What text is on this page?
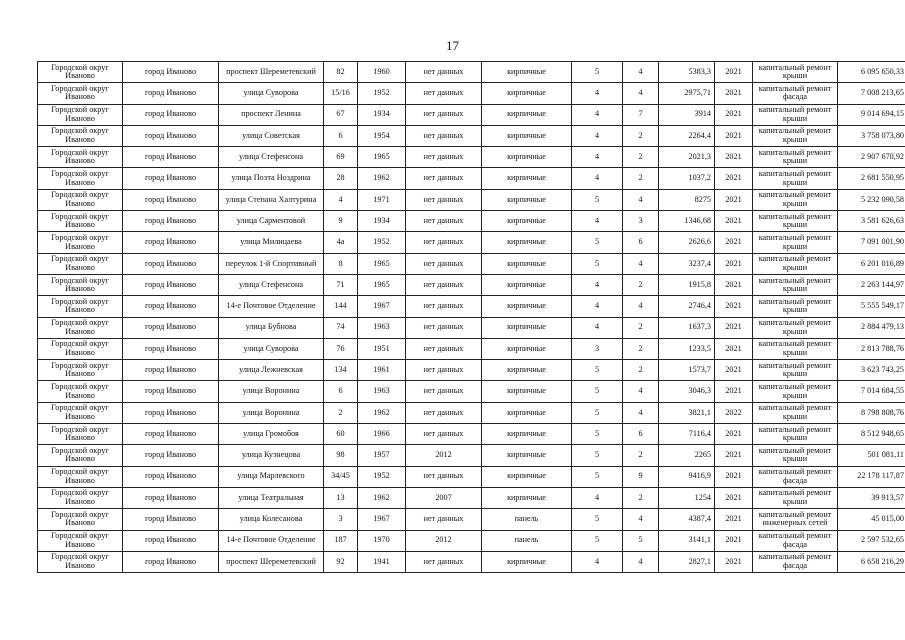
17
Городской округ Иваново	город Иваново	проспект Шереметевский	82	1960	нет данных	кирпичные	5	4	5383,3	2021	капитальный ремонт крыши	6 095 650,33
Городской округ Иваново	город Иваново	улица Суворова	15/16	1952	нет данных	кирпичные	4	4	2975,71	2021	капитальный ремонт фасада	7 008 213,65
Городской округ Иваново	город Иваново	проспект Ленина	67	1934	нет данных	кирпичные	4	7	3914	2021	капитальный ремонт крыши	9 014 694,15
Городской округ Иваново	город Иваново	улица Советская	6	1954	нет данных	кирпичные	4	2	2264,4	2021	капитальный ремонт крыши	3 758 073,80
Городской округ Иваново	город Иваново	улица Стефенсона	69	1965	нет данных	кирпичные	4	2	2021,3	2021	капитальный ремонт крыши	2 907 670,92
Городской округ Иваново	город Иваново	улица Поэта Ноздрина	28	1962	нет данных	кирпичные	4	2	1037,2	2021	капитальный ремонт крыши	2 681 550,95
Городской округ Иваново	город Иваново	улица Степана Халтурина	4	1971	нет данных	кирпичные	5	4	8275	2021	капитальный ремонт крыши	5 232 090,58
Городской округ Иваново	город Иваново	улица Сарментовой	9	1934	нет данных	кирпичные	4	3	1346,68	2021	капитальный ремонт крыши	3 581 626,63
Городской округ Иваново	город Иваново	улица Милицаева	4а	1952	нет данных	кирпичные	5	6	2626,6	2021	капитальный ремонт крыши	7 091 001,90
Городской округ Иваново	город Иваново	переулок 1-й Спортивный	8	1965	нет данных	кирпичные	5	4	3237,4	2021	капитальный ремонт крыши	6 201 016,89
Городской округ Иваново	город Иваново	улица Стефенсона	71	1965	нет данных	кирпичные	4	2	1915,8	2021	капитальный ремонт крыши	2 263 144,97
Городской округ Иваново	город Иваново	14-е Почтовое Отделение	144	1967	нет данных	кирпичные	4	4	2746,4	2021	капитальный ремонт крыши	5 555 549,17
Городской округ Иваново	город Иваново	улица Бубнова	74	1963	нет данных	кирпичные	4	2	1637,3	2021	капитальный ремонт крыши	2 884 479,13
Городской округ Иваново	город Иваново	улица Суворова	76	1951	нет данных	кирпичные	3	2	1233,5	2021	капитальный ремонт крыши	2 813 788,76
Городской округ Иваново	город Иваново	улица Лежневская	134	1961	нет данных	кирпичные	5	2	1573,7	2021	капитальный ремонт крыши	3 623 743,25
Городской округ Иваново	город Иваново	улица Воронина	6	1963	нет данных	кирпичные	5	4	3046,3	2021	капитальный ремонт крыши	7 014 684,55
Городской округ Иваново	город Иваново	улица Воронина	2	1962	нет данных	кирпичные	5	4	3821,1	2022	капитальный ремонт крыши	8 798 808,76
Городской округ Иваново	город Иваново	улица Громобоя	60	1966	нет данных	кирпичные	5	6	7116,4	2021	капитальный ремонт крыши	8 512 948,65
Городской округ Иваново	город Иваново	улица Кузнецова	98	1957	2012	кирпичные	5	2	2265	2021	капитальный ремонт крыши	501 081,11
Городской округ Иваново	город Иваново	улица Марлевского	34/45	1952	нет данных	кирпичные	5	9	9416,9	2021	капитальный ремонт фасада	22 178 117,87
Городской округ Иваново	город Иваново	улица Театральная	13	1962	2007	кирпичные	4	2	1254	2021	капитальный ремонт крыши	39 913,57
Городской округ Иваново	город Иваново	улица Колесанова	3	1967	нет данных	панель	5	4	4387,4	2021	капитальный ремонт инженерных сетей	45 015,00
Городской округ Иваново	город Иваново	14-е Почтовое Отделение	187	1970	2012	панель	5	5	3141,1	2021	капитальный ремонт фасада	2 597 532,65
Городской округ Иваново	город Иваново	проспект Шереметевский	92	1941	нет данных	кирпичные	4	4	2827,1	2021	капитальный ремонт фасада	6 658 216,29
